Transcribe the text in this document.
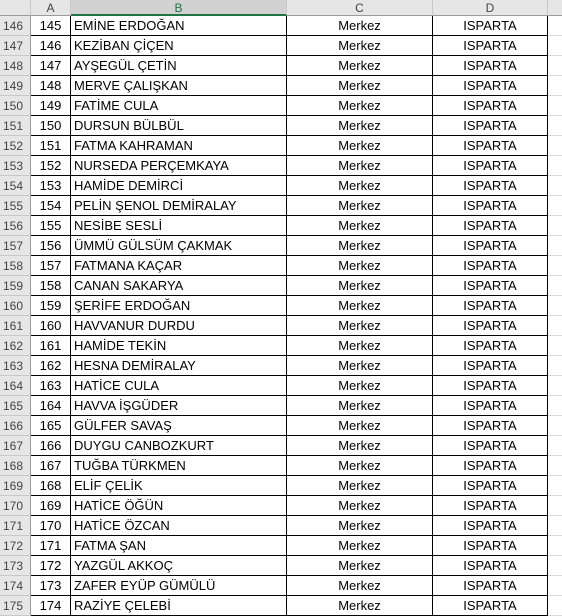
A	B	C	D
146	145 EMİNE ERDOĞAN	Merkez	ISPARTA
147	146 KEZİBAN ÇİÇEN	Merkez	ISPARTA
148	147 AYŞEGÜL ÇETİN	Merkez	ISPARTA
149	148 MERVE ÇALIŞKAN	Merkez	ISPARTA
150	149 FATİME CULA	Merkez	ISPARTA
151	150 DURSUN BÜLBÜL	Merkez	ISPARTA
152	151 FATMA KAHRAMAN	Merkez	ISPARTA
153	152 NURSEDA PERÇEMKAYA	Merkez	ISPARTA
154	153 HAMİDE DEMİRCİ	Merkez	ISPARTA
155	154 PELİN ŞENOL DEMİRALAY	Merkez	ISPARTA
156	155 NESİBE SESLİ	Merkez	ISPARTA
157	156 ÜMMÜ GÜLSÜM ÇAKMAK	Merkez	ISPARTA
158	157 FATMANA KAÇAR	Merkez	ISPARTA
159	158 CANAN SAKARYA	Merkez	ISPARTA
160	159 ŞERİFE ERDOĞAN	Merkez	ISPARTA
161	160 HAVVANUR DURDU	Merkez	ISPARTA
162	161 HAMİDE TEKİN	Merkez	ISPARTA
163	162 HESNA DEMİRALAY	Merkez	ISPARTA
164	163 HATİCE CULA	Merkez	ISPARTA
165	164 HAVVA İŞGÜDER	Merkez	ISPARTA
166	165 GÜLFER SAVAŞ	Merkez	ISPARTA
167	166 DUYGU CANBOZKURT	Merkez	ISPARTA
168	167 TUĞBA TÜRKMEN	Merkez	ISPARTA
169	168 ELİF ÇELİK	Merkez	ISPARTA
170	169 HATİCE ÖĞÜN	Merkez	ISPARTA
171	170 HATİCE ÖZCAN	Merkez	ISPARTA
172	171 FATMA ŞAN	Merkez	ISPARTA
173	172 YAZGÜL AKKOÇ	Merkez	ISPARTA
174	173 ZAFER EYÜP GÜMÜLÜ	Merkez	ISPARTA
175	174 RAZİYE ÇELEBİ	Merkez	ISPARTA
